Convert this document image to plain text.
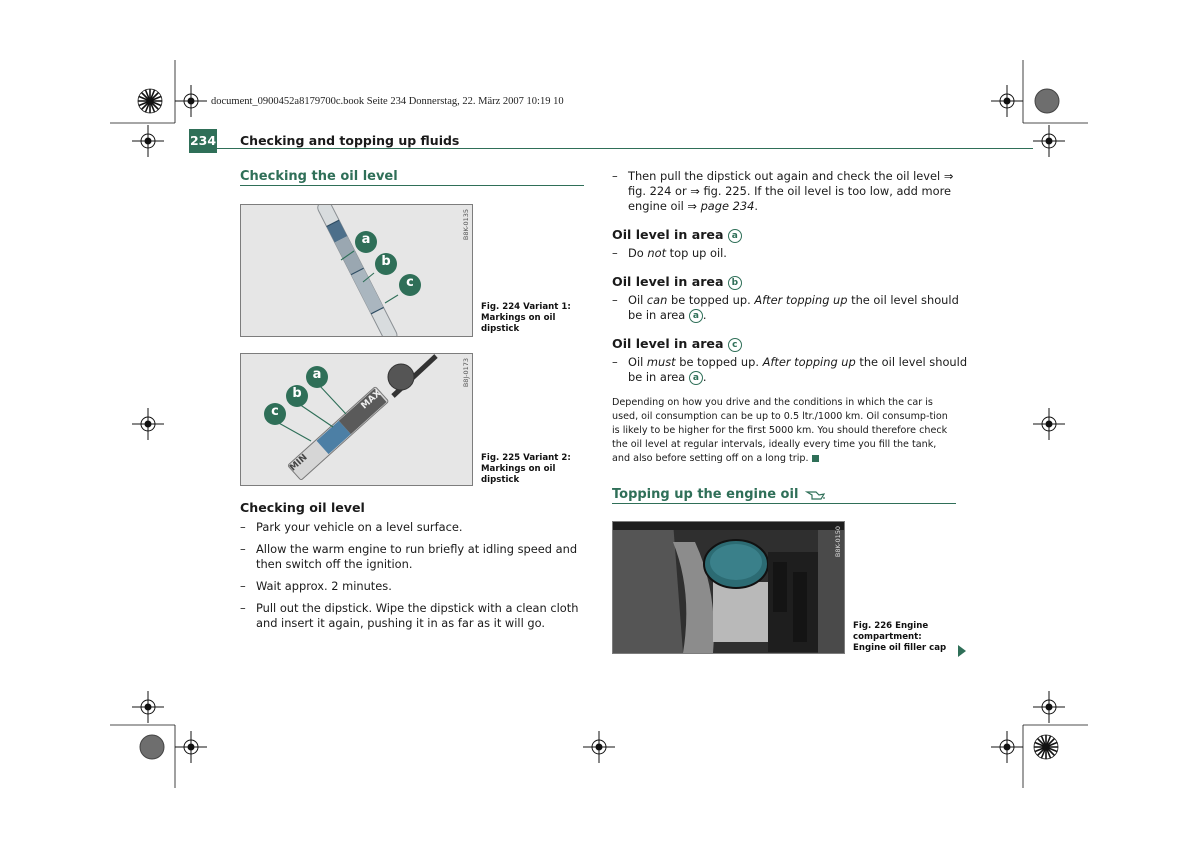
document_0900452a8179700c.book Seite 234 Donnerstag, 22. März 2007 10:19 10
234 Checking and topping up fluids
Checking the oil level
a
b
c
B8K-0135
Fig. 224 Variant 1: Markings on oil dipstick
a
b
c
MAX
MIN
B8J-0173
Fig. 225 Variant 2: Markings on oil dipstick
Checking oil level
– Park your vehicle on a level surface.
– Allow the warm engine to run briefly at idling speed and then switch off the ignition.
– Wait approx. 2 minutes.
– Pull out the dipstick. Wipe the dipstick with a clean cloth and insert it again, pushing it in as far as it will go.
– Then pull the dipstick out again and check the oil level ⇒ fig. 224 or ⇒ fig. 225. If the oil level is too low, add more engine oil ⇒ page 234.
Oil level in area a
– Do not top up oil.
Oil level in area b
– Oil can be topped up. After topping up the oil level should be in area a .
Oil level in area c
– Oil must be topped up. After topping up the oil level should be in area a .
Depending on how you drive and the conditions in which the car is used, oil consumption can be up to 0.5 ltr./1000 km. Oil consump-tion is likely to be higher for the first 5000 km. You should therefore check the oil level at regular intervals, ideally every time you fill the tank, and also before setting off on a long trip.
Topping up the engine oil
B8K-0150
Fig. 226 Engine compartment: Engine oil filler cap
